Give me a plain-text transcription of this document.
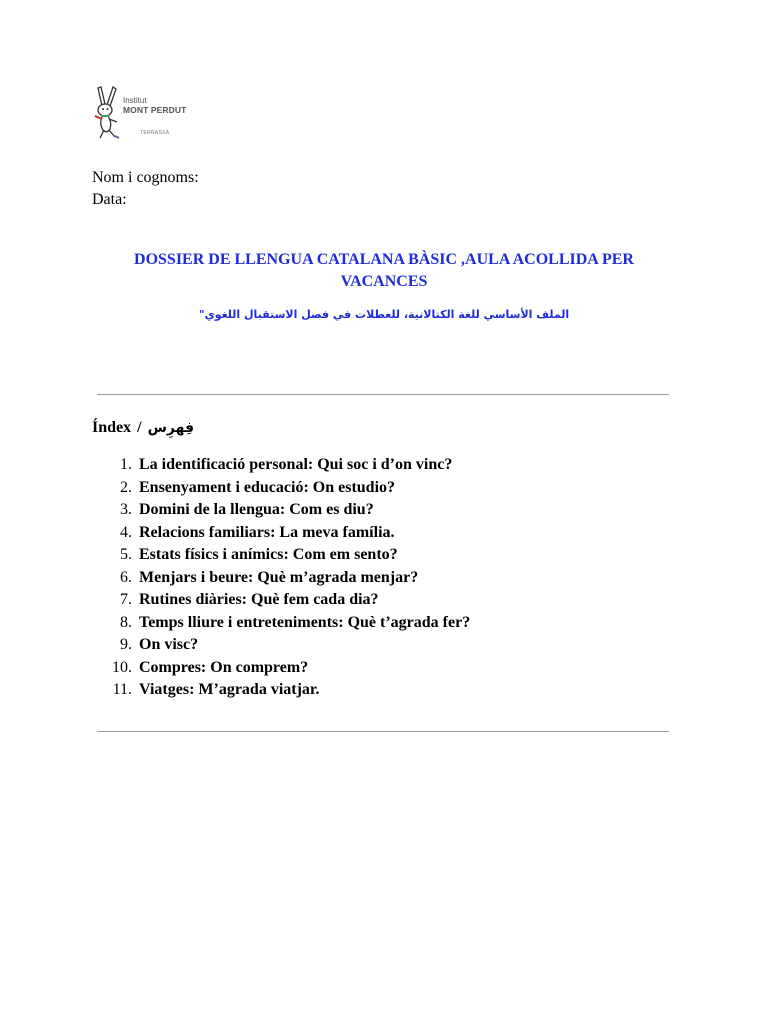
Institut
MONT PERDUT
TERRASSA
Nom i cognoms:
Data:
DOSSIER DE LLENGUA CATALANA BÀSIC ,AULA ACOLLIDA PER VACANCES
الملف الأساسي للغة الكتالانية، للعطلات في فصل الاستقبال اللغوي"
Índex / فِهرِس
1. La identificació personal: Qui soc i d’on vinc?
2. Ensenyament i educació: On estudio?
3. Domini de la llengua: Com es diu?
4. Relacions familiars: La meva família.
5. Estats físics i anímics: Com em sento?
6. Menjars i beure: Què m’agrada menjar?
7. Rutines diàries: Què fem cada dia?
8. Temps lliure i entreteniments: Què t’agrada fer?
9. On visc?
10. Compres: On comprem?
11. Viatges: M’agrada viatjar.
